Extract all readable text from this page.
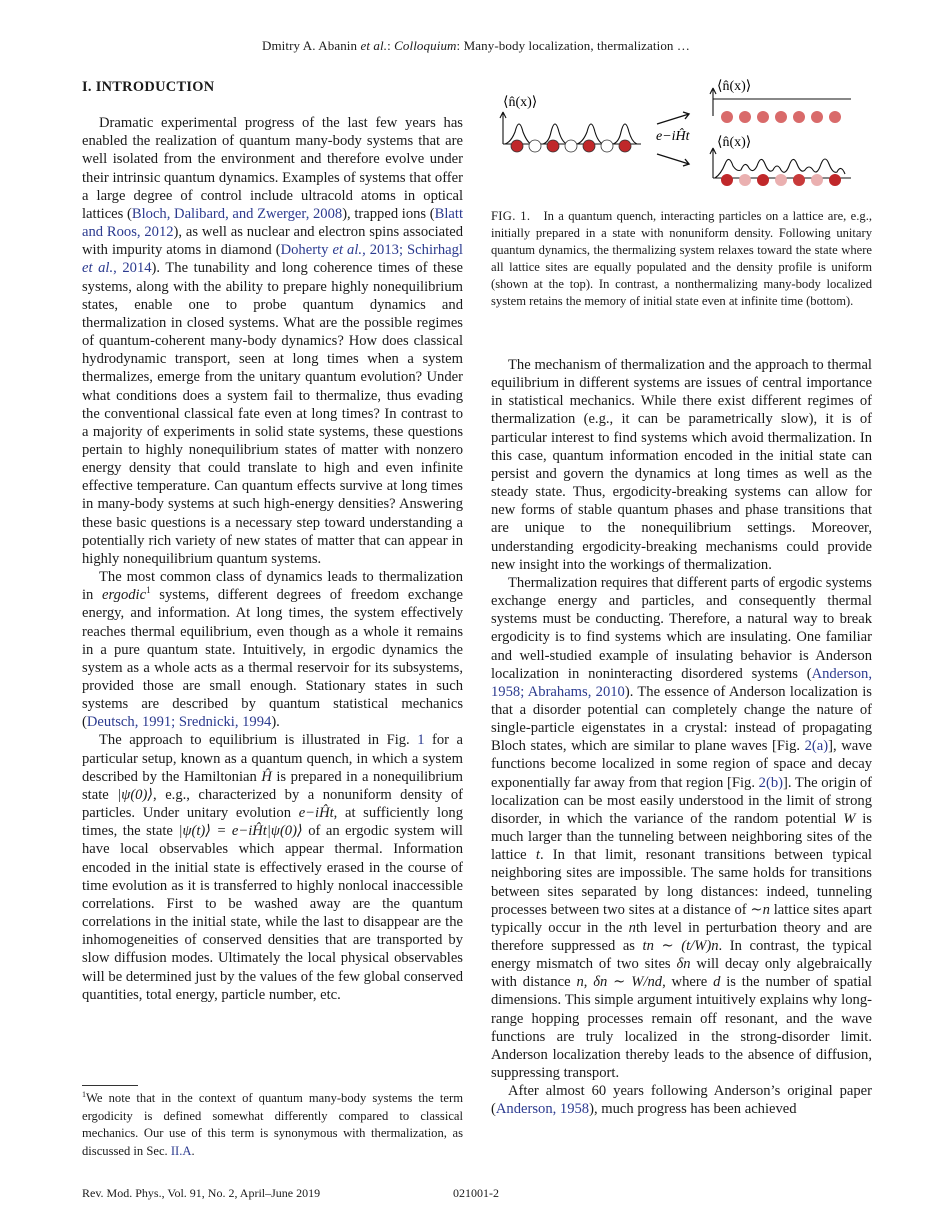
Dmitry A. Abanin et al.: Colloquium: Many-body localization, thermalization …
I. INTRODUCTION

Dramatic experimental progress of the last few years has enabled the realization of quantum many-body systems that are well isolated from the environment and therefore evolve under their intrinsic quantum dynamics. Examples of systems that offer a large degree of control include ultracold atoms in optical lattices (Bloch, Dalibard, and Zwerger, 2008), trapped ions (Blatt and Roos, 2012), as well as nuclear and electron spins associated with impurity atoms in diamond (Doherty et al., 2013; Schirhagl et al., 2014). The tunability and long coherence times of these systems, along with the ability to prepare highly nonequilibrium states, enable one to probe quantum dynamics and thermalization in closed systems. What are the possible regimes of quantum-coherent many-body dynamics? How does classical hydrodynamic transport, seen at long times when a system thermalizes, emerge from the unitary quantum evolution? Under what conditions does a system fail to thermalize, thus evading the conventional classical fate even at long times? In contrast to a majority of experiments in solid state systems, these questions pertain to highly nonequilibrium states of matter with nonzero energy density that could translate to high and even infinite effective temperature. Can quantum effects survive at long times in many-body systems at such high-energy densities? Answering these basic questions is a necessary step toward understanding a potentially rich variety of new states of matter that can appear in highly nonequilibrium quantum systems.

The most common class of dynamics leads to thermalization in ergodic$^1$ systems, different degrees of freedom exchange energy, and information. At long times, the system effectively reaches thermal equilibrium, even though as a whole it remains in a pure quantum state. Intuitively, in ergodic dynamics the system as a whole acts as a thermal reservoir for its subsystems, provided those are small enough. Stationary states in such systems are described by quantum statistical mechanics (Deutsch, 1991; Srednicki, 1994).

The approach to equilibrium is illustrated in Fig. 1 for a particular setup, known as a quantum quench, in which a system described by the Hamiltonian Ĥ is prepared in a nonequilibrium state |ψ(0)⟩, e.g., characterized by a nonuniform density of particles. Under unitary evolution e−iĤt, at sufficiently long times, the state |ψ(t)⟩ = e−iĤt|ψ(0)⟩ of an ergodic system will have local observables which appear thermal. Information encoded in the initial state is effectively erased in the course of time evolution as it is transferred to highly nonlocal inaccessible correlations. First to be washed away are the quantum correlations in the initial state, while the last to disappear are the inhomogeneities of conserved densities that are transported by slow diffusion modes. Ultimately the local physical observables will be determined just by the values of the few global conserved quantities, total energy, particle number, etc.

$^1$We note that in the context of quantum many-body systems the term ergodicity is defined somewhat differently compared to classical mechanics. Our use of this term is synonymous with thermalization, as discussed in Sec. II.A.
⟨n̂(x)⟩
e−iĤt
⟨n̂(x)⟩
⟨n̂(x)⟩
FIG. 1. In a quantum quench, interacting particles on a lattice are, e.g., initially prepared in a state with nonuniform density. Following unitary quantum dynamics, the thermalizing system relaxes toward the state where all lattice sites are equally populated and the density profile is uniform (shown at the top). In contrast, a nonthermalizing many-body localized system retains the memory of initial state even at infinite time (bottom).

The mechanism of thermalization and the approach to thermal equilibrium in different systems are issues of central importance in statistical mechanics. While there exist different regimes of thermalization (e.g., it can be parametrically slow), it is of particular interest to find systems which avoid thermalization. In this case, quantum information encoded in the initial state can persist and govern the dynamics at long times as well as the steady state. Thus, ergodicity-breaking systems can allow for new forms of stable quantum phases and phase transitions that are unique to the nonequilibrium settings. Moreover, understanding ergodicity-breaking mechanisms could provide new insight into the workings of thermalization.

Thermalization requires that different parts of ergodic systems exchange energy and particles, and consequently thermal systems must be conducting. Therefore, a natural way to break ergodicity is to find systems which are insulating. One familiar and well-studied example of insulating behavior is Anderson localization in noninteracting disordered systems (Anderson, 1958; Abrahams, 2010). The essence of Anderson localization is that a disorder potential can completely change the nature of single-particle eigenstates in a crystal: instead of propagating Bloch states, which are similar to plane waves [Fig. 2(a)], wave functions become localized in some region of space and decay exponentially far away from that region [Fig. 2(b)]. The origin of localization can be most easily understood in the limit of strong disorder, in which the variance of the random potential W is much larger than the tunneling between neighboring sites of the lattice t. In that limit, resonant transitions between typical neighboring sites are impossible. The same holds for transitions between sites separated by long distances: indeed, tunneling processes between two sites at a distance of ∼n lattice sites apart typically occur in the nth level in perturbation theory and are therefore suppressed as tn ∼ (t/W)n. In contrast, the typical energy mismatch of two sites δn will decay only algebraically with distance n, δn ∼ W/nd, where d is the number of spatial dimensions. This simple argument intuitively explains why long-range hopping processes remain off resonant, and the wave functions are truly localized in the strong-disorder limit. Anderson localization thereby leads to the absence of diffusion, suppressing transport.

After almost 60 years following Anderson’s original paper (Anderson, 1958), much progress has been achieved

Rev. Mod. Phys., Vol. 91, No. 2, April–June 2019	021001-2
